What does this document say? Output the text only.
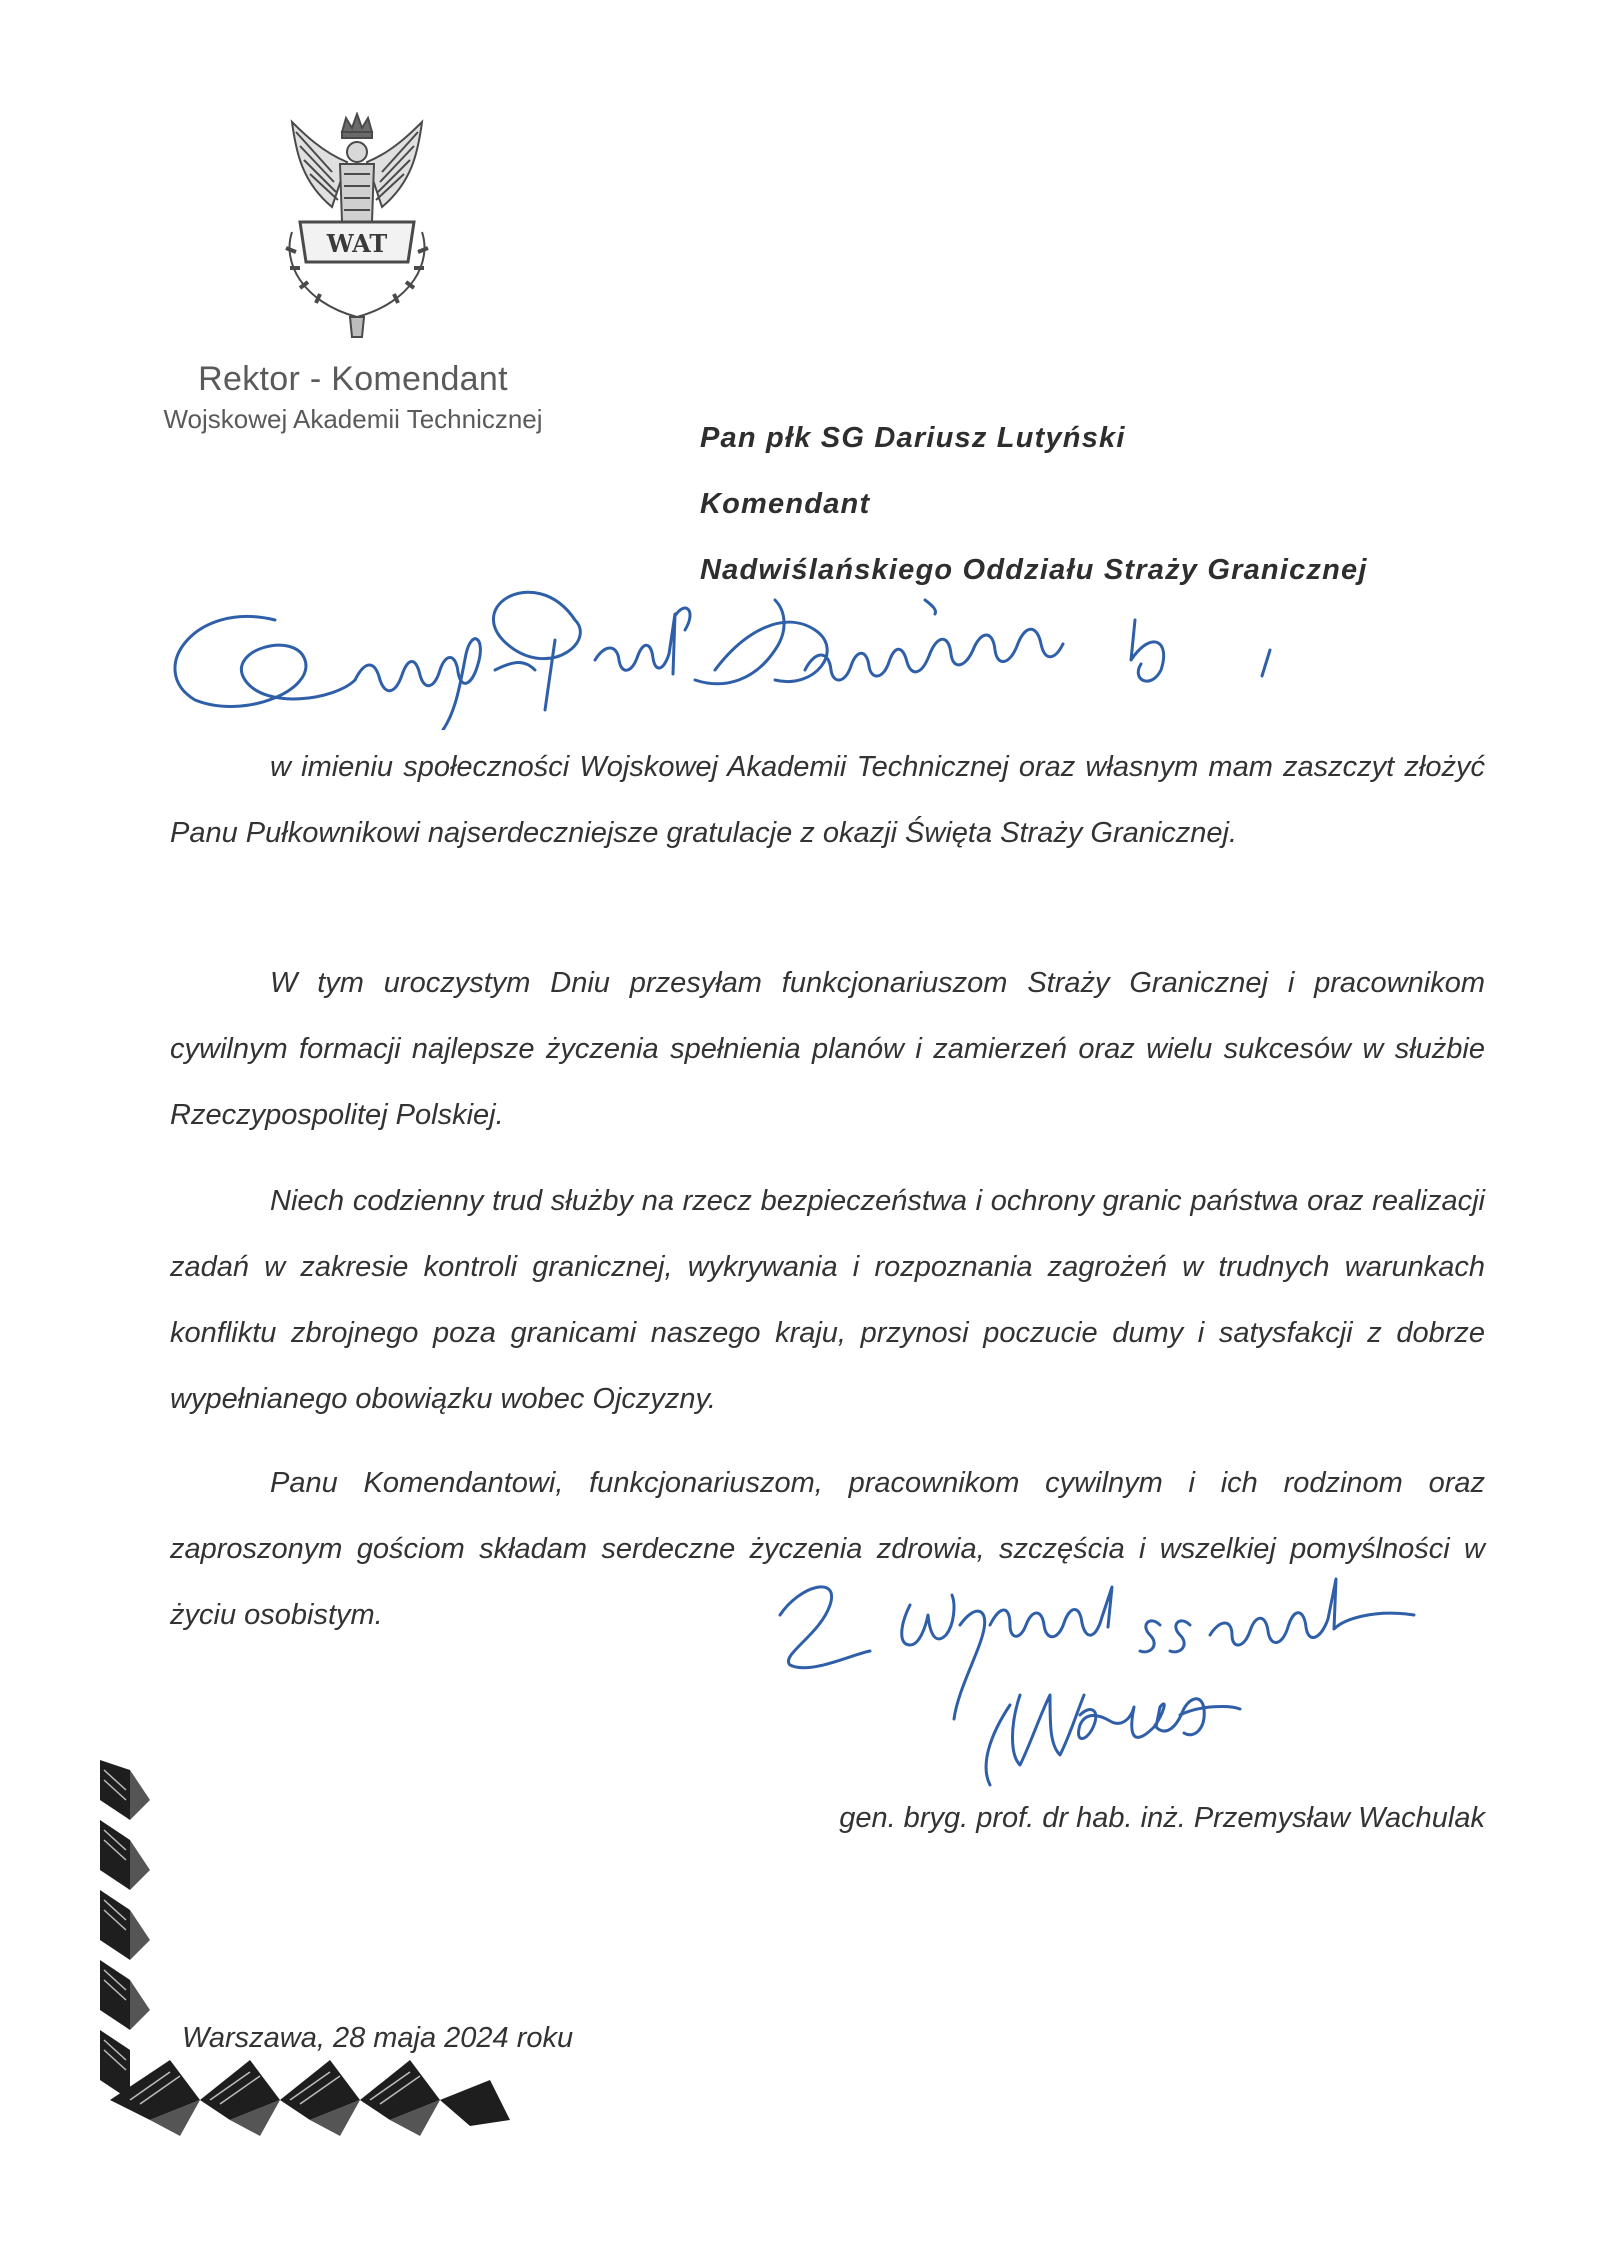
WAT
Rektor - Komendant
Wojskowej Akademii Technicznej
Pan płk SG Dariusz Lutyński
Komendant
Nadwiślańskiego Oddziału Straży Granicznej
w imieniu społeczności Wojskowej Akademii Technicznej oraz własnym mam zaszczyt złożyć Panu Pułkownikowi najserdeczniejsze gratulacje z okazji Święta Straży Granicznej.
W tym uroczystym Dniu przesyłam funkcjonariuszom Straży Granicznej i pracownikom cywilnym formacji najlepsze życzenia spełnienia planów i zamierzeń oraz wielu sukcesów w służbie Rzeczypospolitej Polskiej.
Niech codzienny trud służby na rzecz bezpieczeństwa i ochrony granic państwa oraz realizacji zadań w zakresie kontroli granicznej, wykrywania i rozpoznania zagrożeń w trudnych warunkach konfliktu zbrojnego poza granicami naszego kraju, przynosi poczucie dumy i satysfakcji z dobrze wypełnianego obowiązku wobec Ojczyzny.
Panu Komendantowi, funkcjonariuszom, pracownikom cywilnym i ich rodzinom oraz zaproszonym gościom składam serdeczne życzenia zdrowia, szczęścia i wszelkiej pomyślności w życiu osobistym.
gen. bryg. prof. dr hab. inż. Przemysław Wachulak
Warszawa, 28 maja 2024 roku
